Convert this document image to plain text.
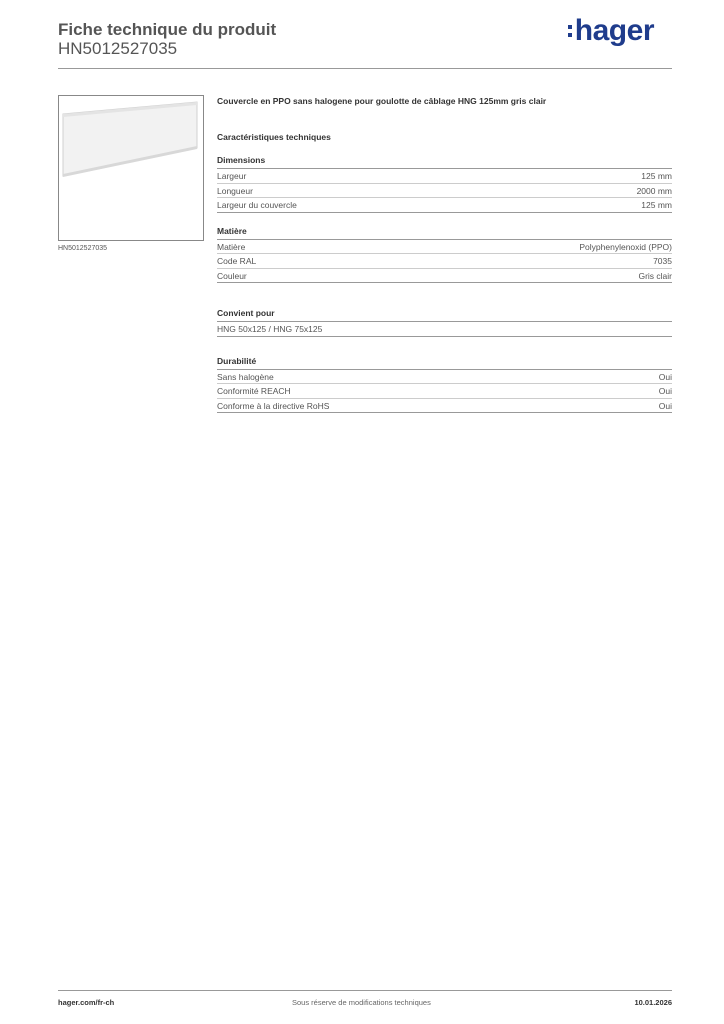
Fiche technique du produit
HN5012527035
hager
HN5012527035
Couvercle en PPO sans halogene pour goulotte de câblage HNG 125mm gris clair
Caractéristiques techniques
Dimensions
Largeur	125 mm
Longueur	2000 mm
Largeur du couvercle	125 mm
Matière
Matière	Polyphenylenoxid (PPO)
Code RAL	7035
Couleur	Gris clair
Convient pour
HNG 50x125 / HNG 75x125
Durabilité
Sans halogène	Oui
Conformité REACH	Oui
Conforme à la directive RoHS	Oui
hager.com/fr-ch	Sous réserve de modifications techniques	10.01.2026
